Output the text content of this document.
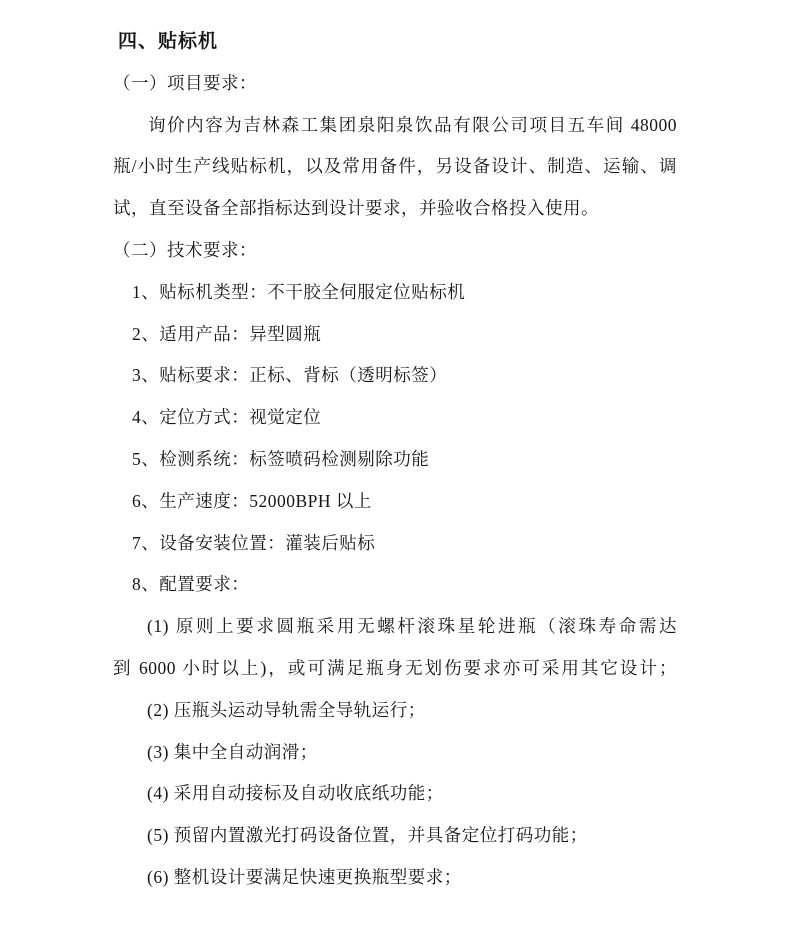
四、贴标机
（一）项目要求：
询价内容为吉林森工集团泉阳泉饮品有限公司项目五车间 48000
瓶/小时生产线贴标机，以及常用备件，另设备设计、制造、运输、调
试，直至设备全部指标达到设计要求，并验收合格投入使用。
（二）技术要求：
1、贴标机类型：不干胶全伺服定位贴标机
2、适用产品：异型圆瓶
3、贴标要求：正标、背标（透明标签）
4、定位方式：视觉定位
5、检测系统：标签喷码检测剔除功能
6、生产速度：52000BPH 以上
7、设备安装位置：灌装后贴标
8、配置要求：
(1) 原则上要求圆瓶采用无螺杆滚珠星轮进瓶（滚珠寿命需达
到 6000 小时以上)，或可满足瓶身无划伤要求亦可采用其它设计；
(2) 压瓶头运动导轨需全导轨运行；
(3) 集中全自动润滑；
(4) 采用自动接标及自动收底纸功能；
(5) 预留内置激光打码设备位置，并具备定位打码功能；
(6) 整机设计要满足快速更换瓶型要求；
